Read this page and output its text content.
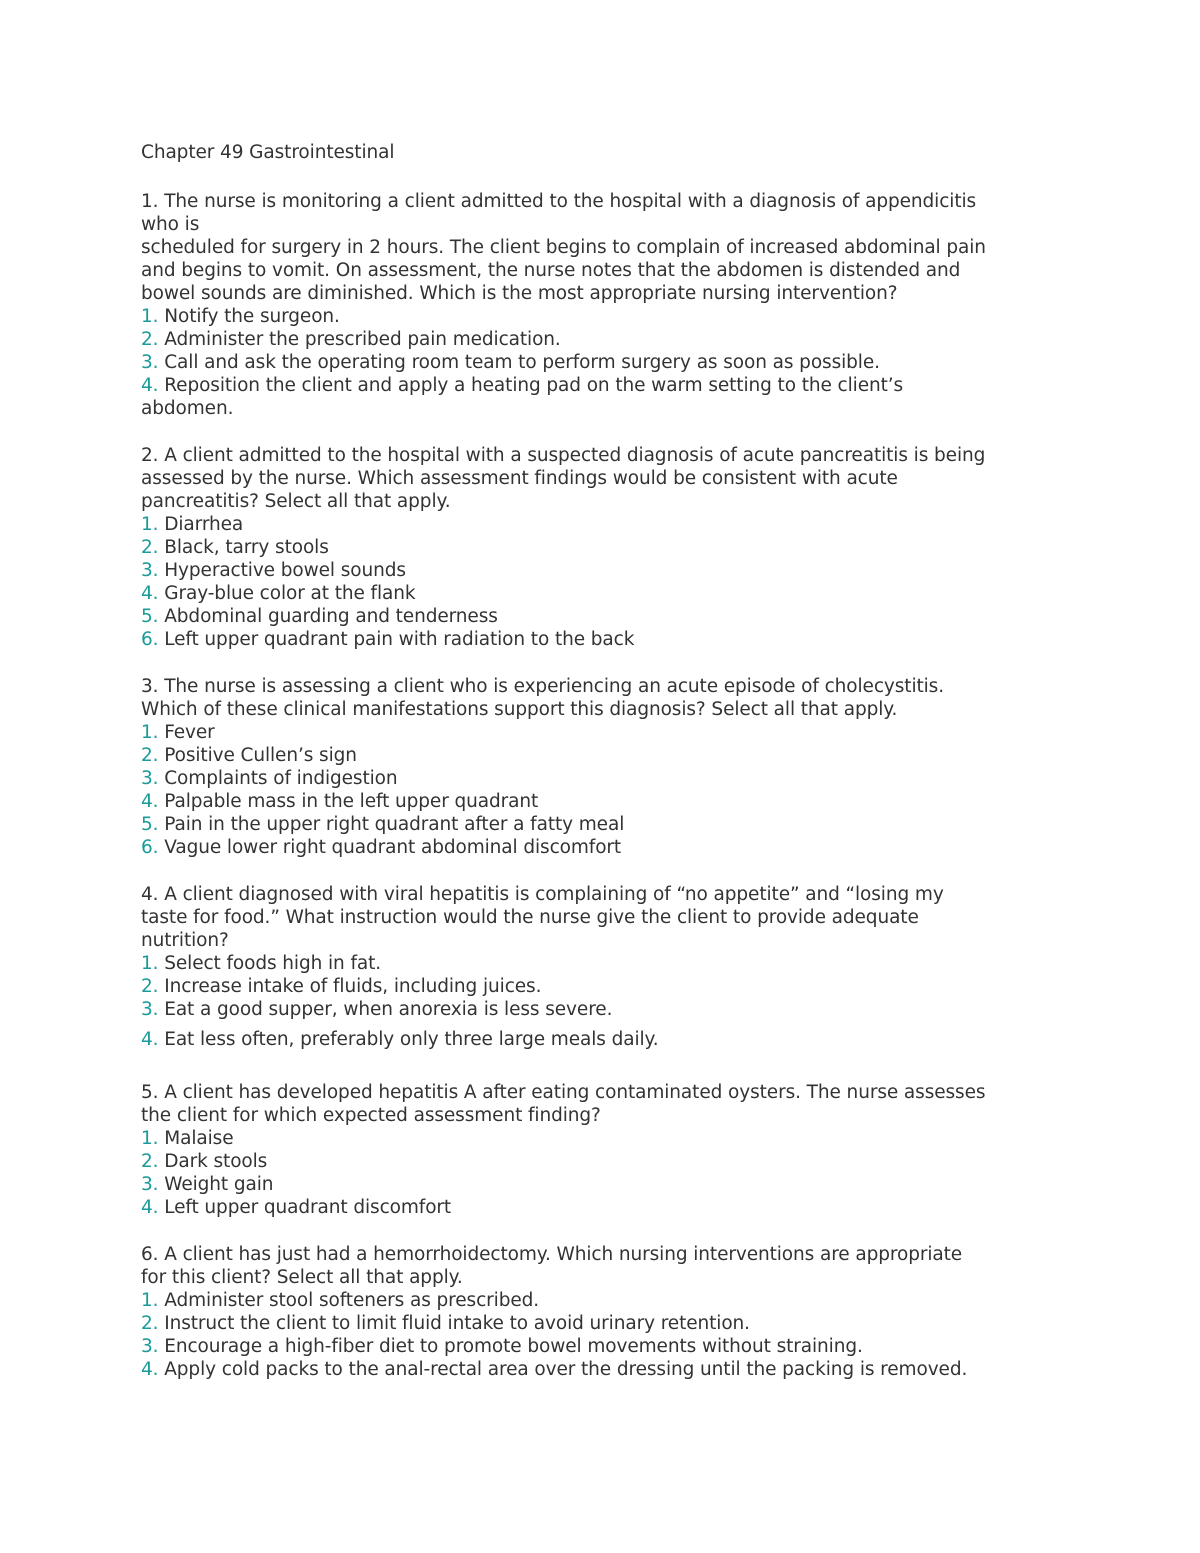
Chapter 49 Gastrointestinal
1. The nurse is monitoring a client admitted to the hospital with a diagnosis of appendicitis
who is
scheduled for surgery in 2 hours. The client begins to complain of increased abdominal pain
and begins to vomit. On assessment, the nurse notes that the abdomen is distended and
bowel sounds are diminished. Which is the most appropriate nursing intervention?
1. Notify the surgeon.
2. Administer the prescribed pain medication.
3. Call and ask the operating room team to perform surgery as soon as possible.
4. Reposition the client and apply a heating pad on the warm setting to the client’s
abdomen.
2. A client admitted to the hospital with a suspected diagnosis of acute pancreatitis is being
assessed by the nurse. Which assessment findings would be consistent with acute
pancreatitis? Select all that apply.
1. Diarrhea
2. Black, tarry stools
3. Hyperactive bowel sounds
4. Gray-blue color at the flank
5. Abdominal guarding and tenderness
6. Left upper quadrant pain with radiation to the back
3. The nurse is assessing a client who is experiencing an acute episode of cholecystitis.
Which of these clinical manifestations support this diagnosis? Select all that apply.
1. Fever
2. Positive Cullen’s sign
3. Complaints of indigestion
4. Palpable mass in the left upper quadrant
5. Pain in the upper right quadrant after a fatty meal
6. Vague lower right quadrant abdominal discomfort
4. A client diagnosed with viral hepatitis is complaining of “no appetite” and “losing my
taste for food.” What instruction would the nurse give the client to provide adequate
nutrition?
1. Select foods high in fat.
2. Increase intake of fluids, including juices.
3. Eat a good supper, when anorexia is less severe.
4. Eat less often, preferably only three large meals daily.
5. A client has developed hepatitis A after eating contaminated oysters. The nurse assesses
the client for which expected assessment finding?
1. Malaise
2. Dark stools
3. Weight gain
4. Left upper quadrant discomfort
6. A client has just had a hemorrhoidectomy. Which nursing interventions are appropriate
for this client? Select all that apply.
1. Administer stool softeners as prescribed.
2. Instruct the client to limit fluid intake to avoid urinary retention.
3. Encourage a high-fiber diet to promote bowel movements without straining.
4. Apply cold packs to the anal-rectal area over the dressing until the packing is removed.
